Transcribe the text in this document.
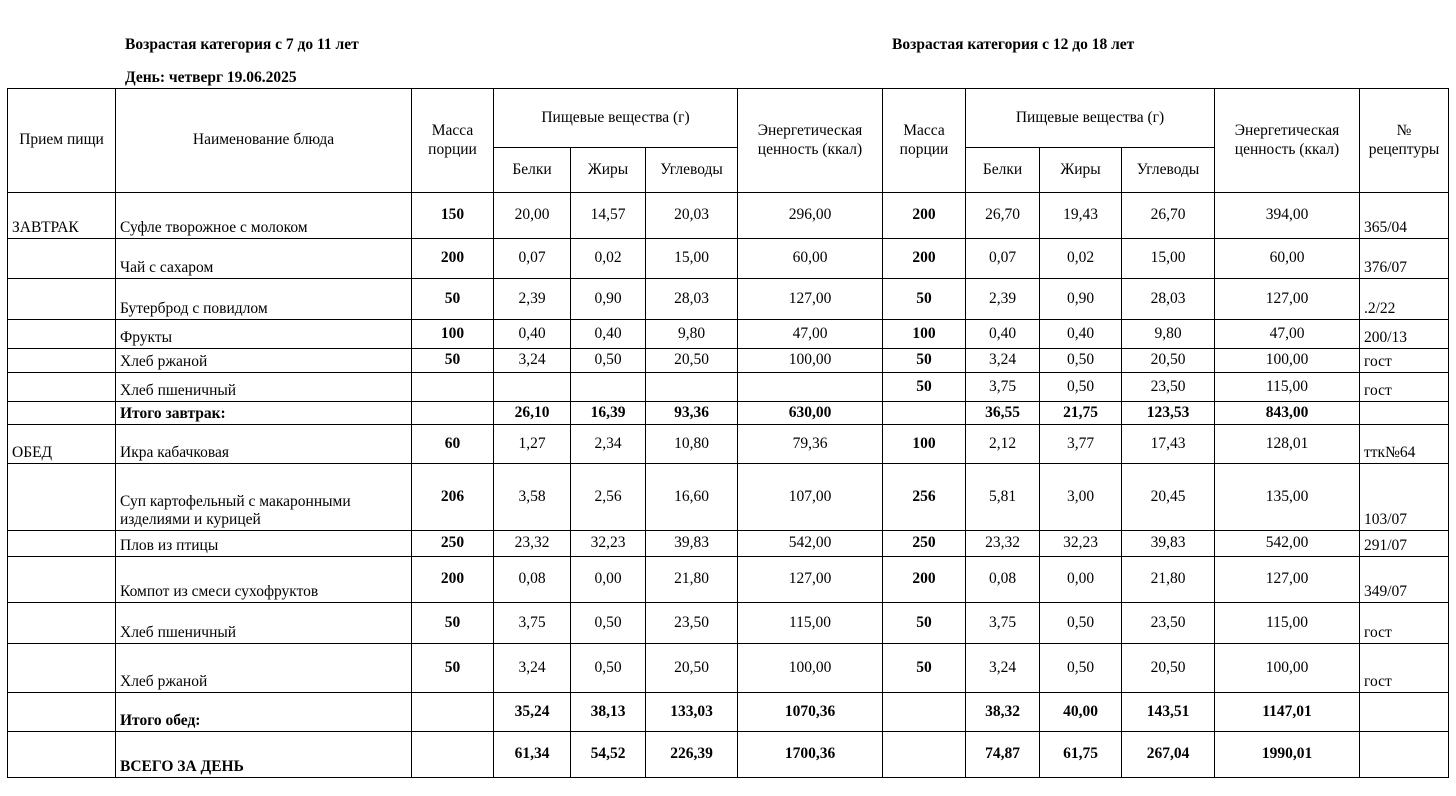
Возрастая категория с 7 до 11 лет	Возрастая категория с 12 до 18 лет
День: четверг 19.06.2025
Прием пищи	Наименование блюда	Масса порции	Пищевые вещества (г)			Энергетическая ценность (ккал)	Масса порции	Пищевые вещества (г)			Энергетическая ценность (ккал)	№ рецептуры
			Белки	Жиры	Углеводы			Белки	Жиры	Углеводы		
ЗАВТРАК	Суфле творожное с молоком	150	20,00	14,57	20,03	296,00	200	26,70	19,43	26,70	394,00	365/04
	Чай с сахаром	200	0,07	0,02	15,00	60,00	200	0,07	0,02	15,00	60,00	376/07
	Бутерброд с повидлом	50	2,39	0,90	28,03	127,00	50	2,39	0,90	28,03	127,00	.2/22
	Фрукты	100	0,40	0,40	9,80	47,00	100	0,40	0,40	9,80	47,00	200/13
	Хлеб ржаной	50	3,24	0,50	20,50	100,00	50	3,24	0,50	20,50	100,00	гост
	Хлеб пшеничный						50	3,75	0,50	23,50	115,00	гост
	Итого завтрак:		26,10	16,39	93,36	630,00		36,55	21,75	123,53	843,00	
ОБЕД	Икра кабачковая	60	1,27	2,34	10,80	79,36	100	2,12	3,77	17,43	128,01	ттк№64
	Суп картофельный с макаронными изделиями и курицей	206	3,58	2,56	16,60	107,00	256	5,81	3,00	20,45	135,00	103/07
	Плов из птицы	250	23,32	32,23	39,83	542,00	250	23,32	32,23	39,83	542,00	291/07
	Компот из смеси сухофруктов	200	0,08	0,00	21,80	127,00	200	0,08	0,00	21,80	127,00	349/07
	Хлеб пшеничный	50	3,75	0,50	23,50	115,00	50	3,75	0,50	23,50	115,00	гост
	Хлеб ржаной	50	3,24	0,50	20,50	100,00	50	3,24	0,50	20,50	100,00	гост
	Итого обед:		35,24	38,13	133,03	1070,36		38,32	40,00	143,51	1147,01	
	ВСЕГО ЗА ДЕНЬ		61,34	54,52	226,39	1700,36		74,87	61,75	267,04	1990,01	
